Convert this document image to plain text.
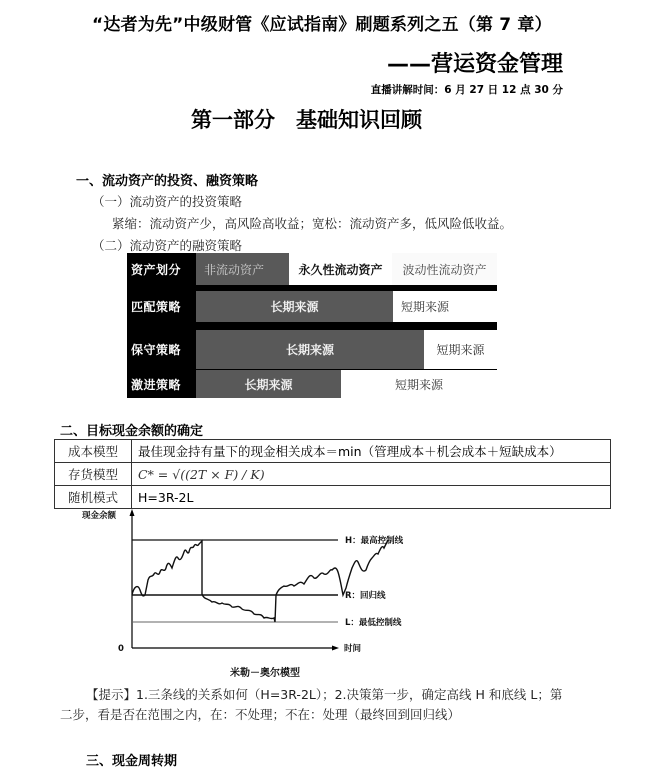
“达者为先”中级财管《应试指南》刷题系列之五（第 7 章）
——营运资金管理
直播讲解时间：6 月 27 日 12 点 30 分
第一部分　基础知识回顾
一、流动资产的投资、融资策略
（一）流动资产的投资策略
紧缩：流动资产少，高风险高收益；宽松：流动资产多，低风险低收益。
（二）流动资产的融资策略
资产划分	非流动资产	永久性流动资产	波动性流动资产
匹配策略	长期来源	短期来源
保守策略	长期来源	短期来源
激进策略	长期来源	短期来源
二、目标现金余额的确定
成本模型	最佳现金持有量下的现金相关成本＝min（管理成本＋机会成本＋短缺成本）
存货模型	C* = √((2T × F) / K)
随机模式	H=3R-2L
现金余额
0	时间
H：最高控制线
R：回归线
L：最低控制线
米勒－奥尔模型
【提示】1.三条线的关系如何（H=3R-2L）；2.决策第一步，确定高线 H 和底线 L；第
二步，看是否在范围之内，在：不处理；不在：处理（最终回到回归线）
三、现金周转期
